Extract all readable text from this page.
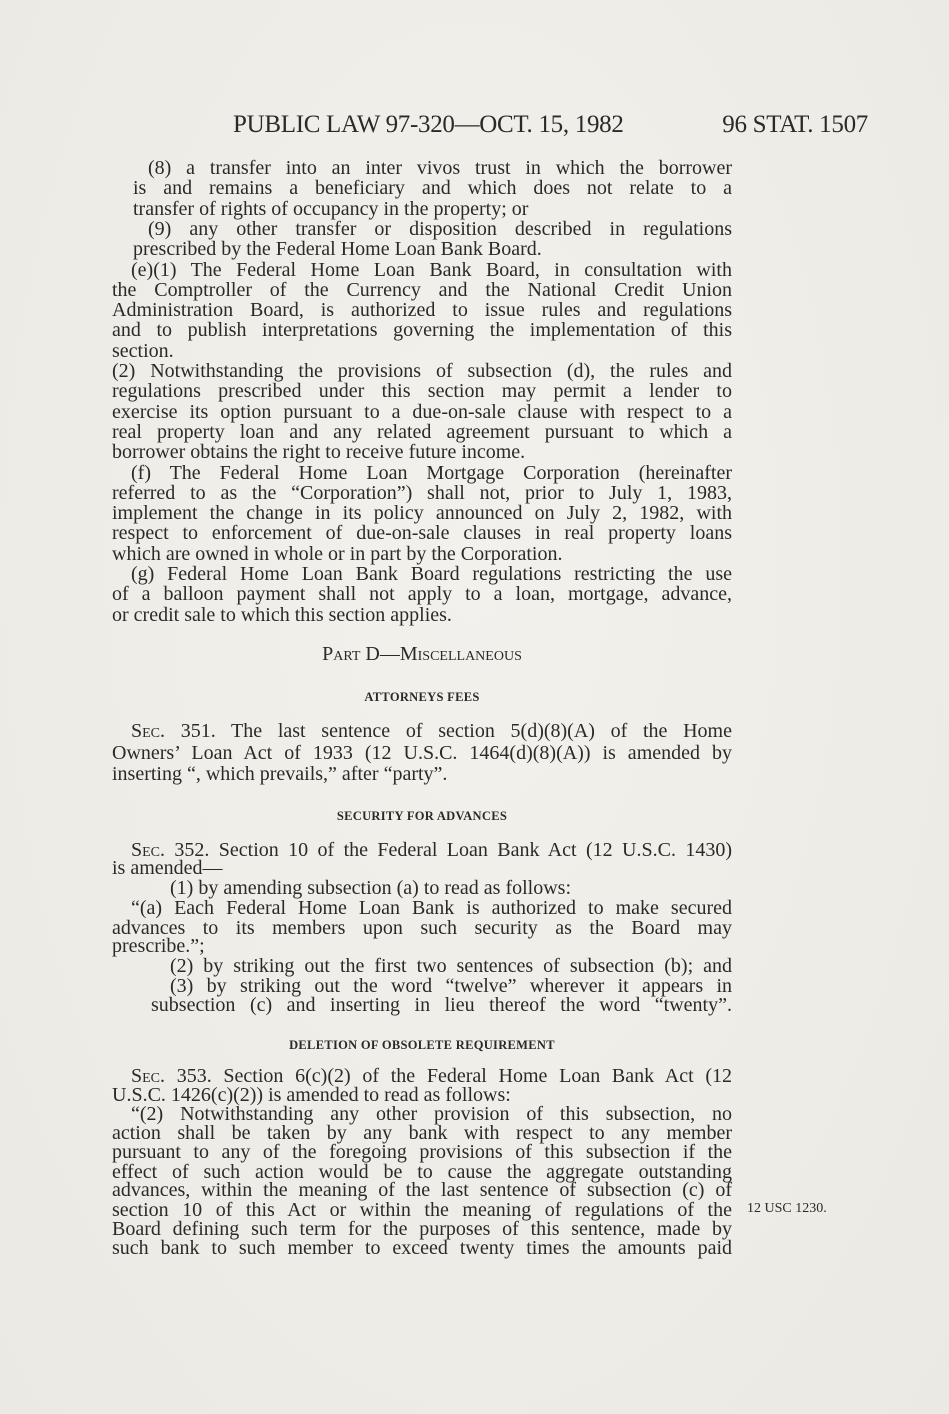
PUBLIC LAW 97-320—OCT. 15, 1982	96 STAT. 1507
(8) a transfer into an inter vivos trust in which the borrower
is and remains a beneficiary and which does not relate to a
transfer of rights of occupancy in the property; or
(9) any other transfer or disposition described in regulations
prescribed by the Federal Home Loan Bank Board.
(e)(1) The Federal Home Loan Bank Board, in consultation with
the Comptroller of the Currency and the National Credit Union
Administration Board, is authorized to issue rules and regulations
and to publish interpretations governing the implementation of this
section.
(2) Notwithstanding the provisions of subsection (d), the rules and
regulations prescribed under this section may permit a lender to
exercise its option pursuant to a due-on-sale clause with respect to a
real property loan and any related agreement pursuant to which a
borrower obtains the right to receive future income.
(f) The Federal Home Loan Mortgage Corporation (hereinafter
referred to as the “Corporation”) shall not, prior to July 1, 1983,
implement the change in its policy announced on July 2, 1982, with
respect to enforcement of due-on-sale clauses in real property loans
which are owned in whole or in part by the Corporation.
(g) Federal Home Loan Bank Board regulations restricting the use
of a balloon payment shall not apply to a loan, mortgage, advance,
or credit sale to which this section applies.
Part D—Miscellaneous
ATTORNEYS FEES
Sec. 351. The last sentence of section 5(d)(8)(A) of the Home
Owners’ Loan Act of 1933 (12 U.S.C. 1464(d)(8)(A)) is amended by
inserting “, which prevails,” after “party”.
SECURITY FOR ADVANCES
Sec. 352. Section 10 of the Federal Loan Bank Act (12 U.S.C. 1430)
is amended—
(1) by amending subsection (a) to read as follows:
“(a) Each Federal Home Loan Bank is authorized to make secured
advances to its members upon such security as the Board may
prescribe.”;
(2) by striking out the first two sentences of subsection (b); and
(3) by striking out the word “twelve” wherever it appears in
subsection (c) and inserting in lieu thereof the word “twenty”.
DELETION OF OBSOLETE REQUIREMENT
Sec. 353. Section 6(c)(2) of the Federal Home Loan Bank Act (12
U.S.C. 1426(c)(2)) is amended to read as follows:
“(2) Notwithstanding any other provision of this subsection, no
action shall be taken by any bank with respect to any member
pursuant to any of the foregoing provisions of this subsection if the
effect of such action would be to cause the aggregate outstanding
advances, within the meaning of the last sentence of subsection (c) of
section 10 of this Act or within the meaning of regulations of the
Board defining such term for the purposes of this sentence, made by
such bank to such member to exceed twenty times the amounts paid
12 USC 1230.
